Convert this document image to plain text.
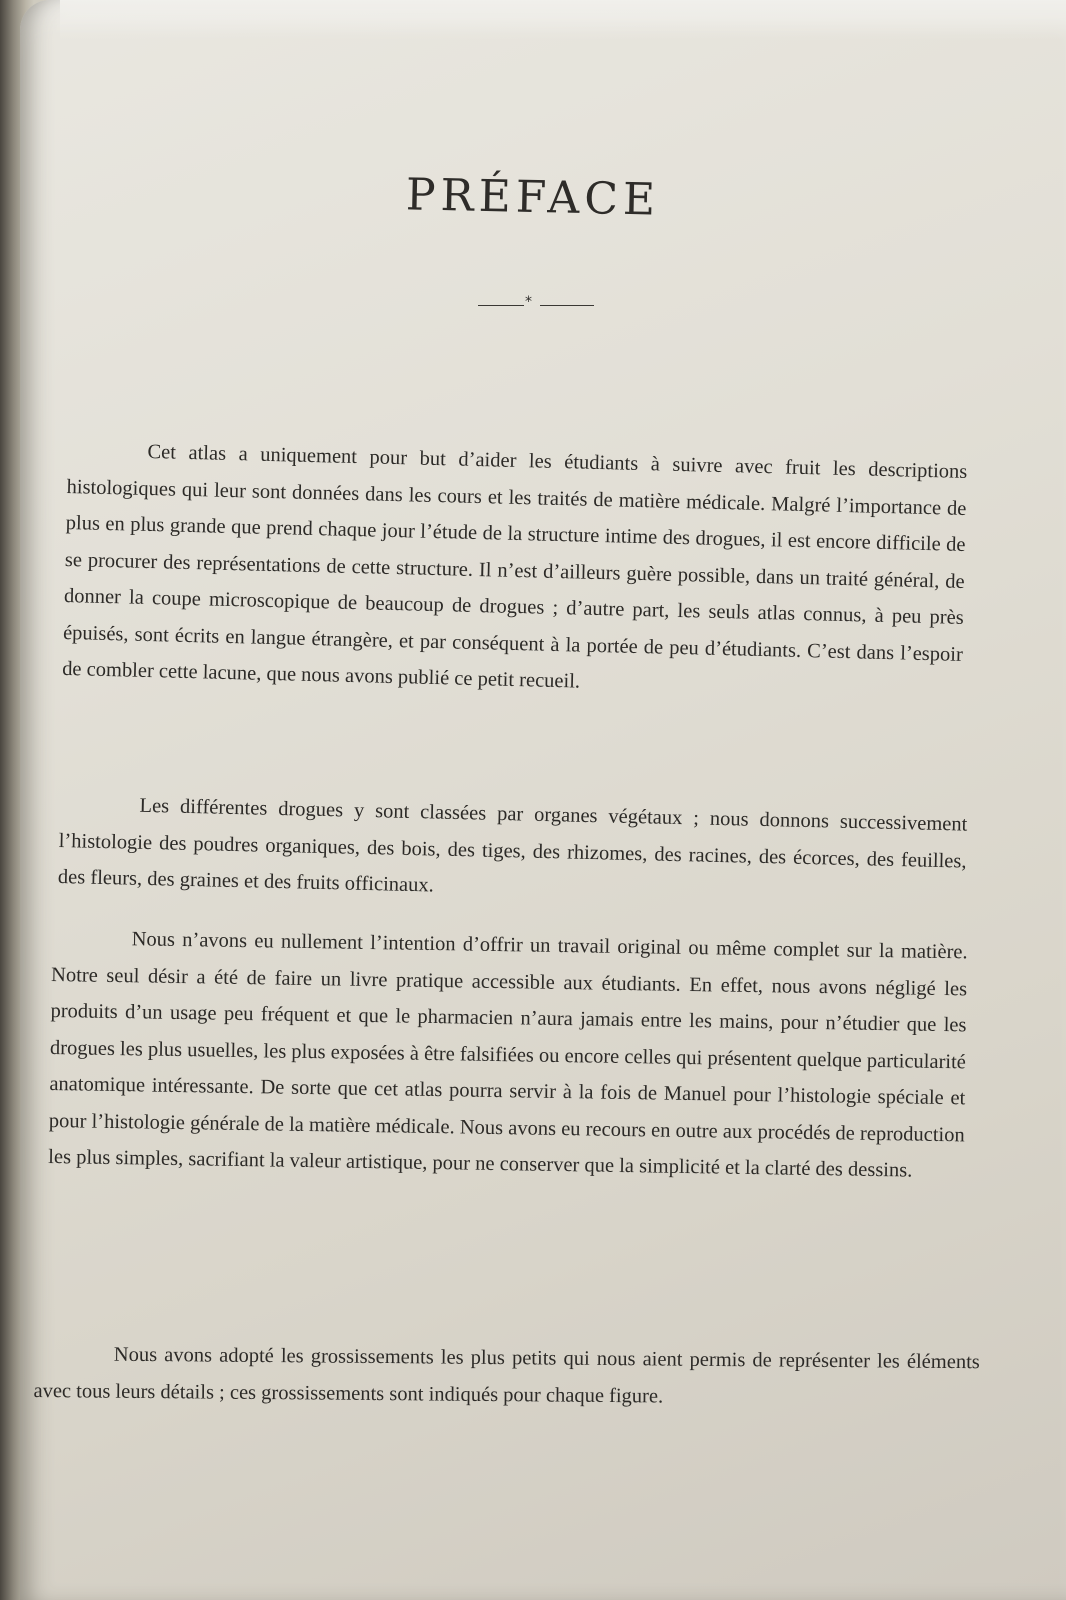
PRÉFACE
*

Cet atlas a uniquement pour but d’aider les étudiants à suivre avec fruit les descriptions histologiques qui leur sont données dans les cours et les traités de matière médicale. Malgré l’importance de plus en plus grande que prend chaque jour l’étude de la structure intime des drogues, il est encore difficile de se procurer des représentations de cette structure. Il n’est d’ailleurs guère possible, dans un traité général, de donner la coupe microscopique de beaucoup de drogues ; d’autre part, les seuls atlas connus, à peu près épuisés, sont écrits en langue étrangère, et par conséquent à la portée de peu d’étudiants. C’est dans l’espoir de combler cette lacune, que nous avons publié ce petit recueil.

Les différentes drogues y sont classées par organes végétaux ; nous donnons successivement l’histologie des poudres organiques, des bois, des tiges, des rhizomes, des racines, des écorces, des feuilles, des fleurs, des graines et des fruits officinaux.

Nous n’avons eu nullement l’intention d’offrir un travail original ou même complet sur la matière. Notre seul désir a été de faire un livre pratique accessible aux étudiants. En effet, nous avons négligé les produits d’un usage peu fréquent et que le pharmacien n’aura jamais entre les mains, pour n’étudier que les drogues les plus usuelles, les plus exposées à être falsifiées ou encore celles qui présentent quelque particularité anatomique intéressante. De sorte que cet atlas pourra servir à la fois de Manuel pour l’histologie spéciale et pour l’histologie générale de la matière médicale. Nous avons eu recours en outre aux procédés de reproduction les plus simples, sacrifiant la valeur artistique, pour ne conserver que la simplicité et la clarté des dessins.

Nous avons adopté les grossissements les plus petits qui nous aient permis de représenter les éléments avec tous leurs détails ; ces grossissements sont indiqués pour chaque figure.
